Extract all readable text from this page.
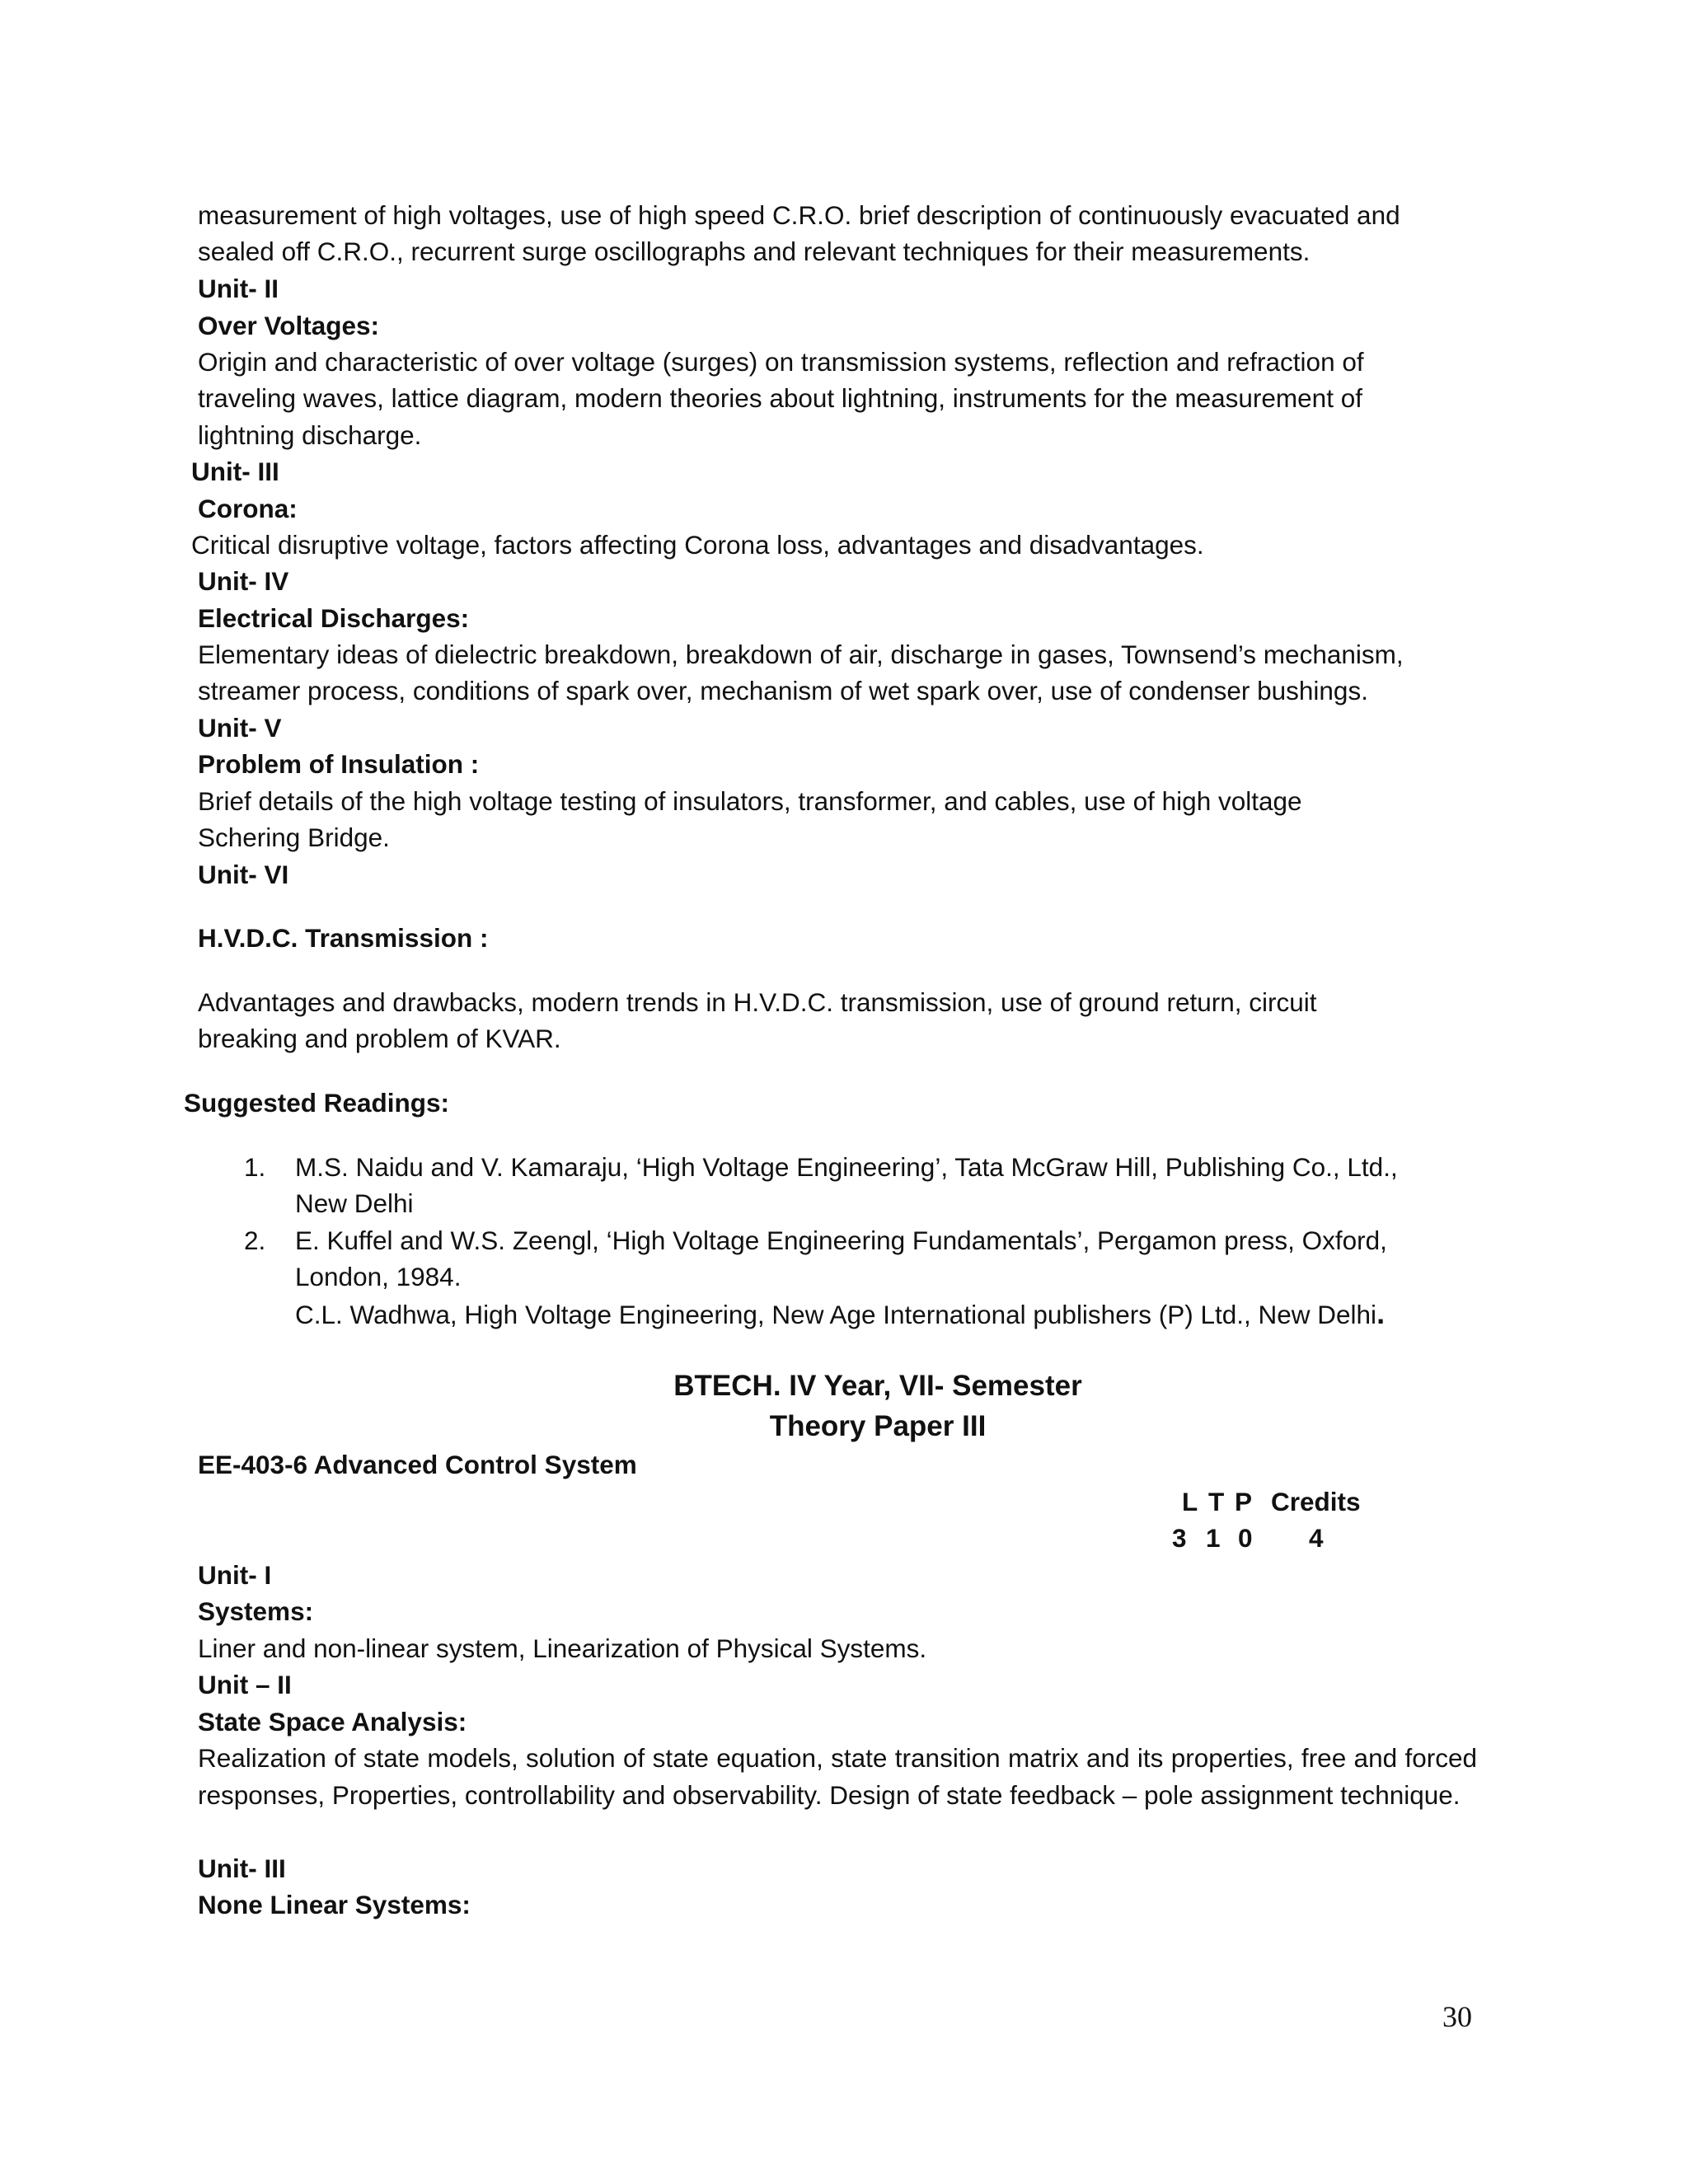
measurement of high voltages, use of high speed C.R.O. brief description of continuously evacuated and
sealed off C.R.O., recurrent surge oscillographs and relevant techniques for their measurements.
Unit- II
Over Voltages:
Origin and characteristic of over voltage (surges) on transmission systems, reflection and refraction of
traveling waves, lattice diagram, modern theories about lightning, instruments for the measurement of
lightning discharge.
Unit- III
Corona:
Critical disruptive voltage, factors affecting Corona loss, advantages and disadvantages.
Unit- IV
Electrical Discharges:
Elementary ideas of dielectric breakdown, breakdown of air, discharge in gases, Townsend’s mechanism,
streamer process, conditions of spark over, mechanism of wet spark over, use of condenser bushings.
Unit- V
Problem of Insulation :
Brief details of the high voltage testing of insulators, transformer, and cables, use of high voltage
Schering Bridge.
Unit- VI
H.V.D.C. Transmission :
Advantages and drawbacks, modern trends in H.V.D.C. transmission, use of ground return, circuit
breaking and problem of KVAR.
Suggested Readings:
1. M.S. Naidu and V. Kamaraju, ‘High Voltage Engineering’, Tata McGraw Hill, Publishing Co., Ltd.,
New Delhi
2. E. Kuffel and W.S. Zeengl, ‘High Voltage Engineering Fundamentals’, Pergamon press, Oxford,
London, 1984.
C.L. Wadhwa, High Voltage Engineering, New Age International publishers (P) Ltd., New Delhi.
BTECH. IV Year, VII- Semester
Theory Paper III
EE-403-6 Advanced Control System
L T P Credits
3 1 0 4
Unit- I
Systems:
Liner and non-linear system, Linearization of Physical Systems.
Unit – II
State Space Analysis:
Realization of state models, solution of state equation, state transition matrix and its properties, free and forced responses, Properties, controllability and observability. Design of state feedback – pole assignment technique.
Unit- III
None Linear Systems:
30
